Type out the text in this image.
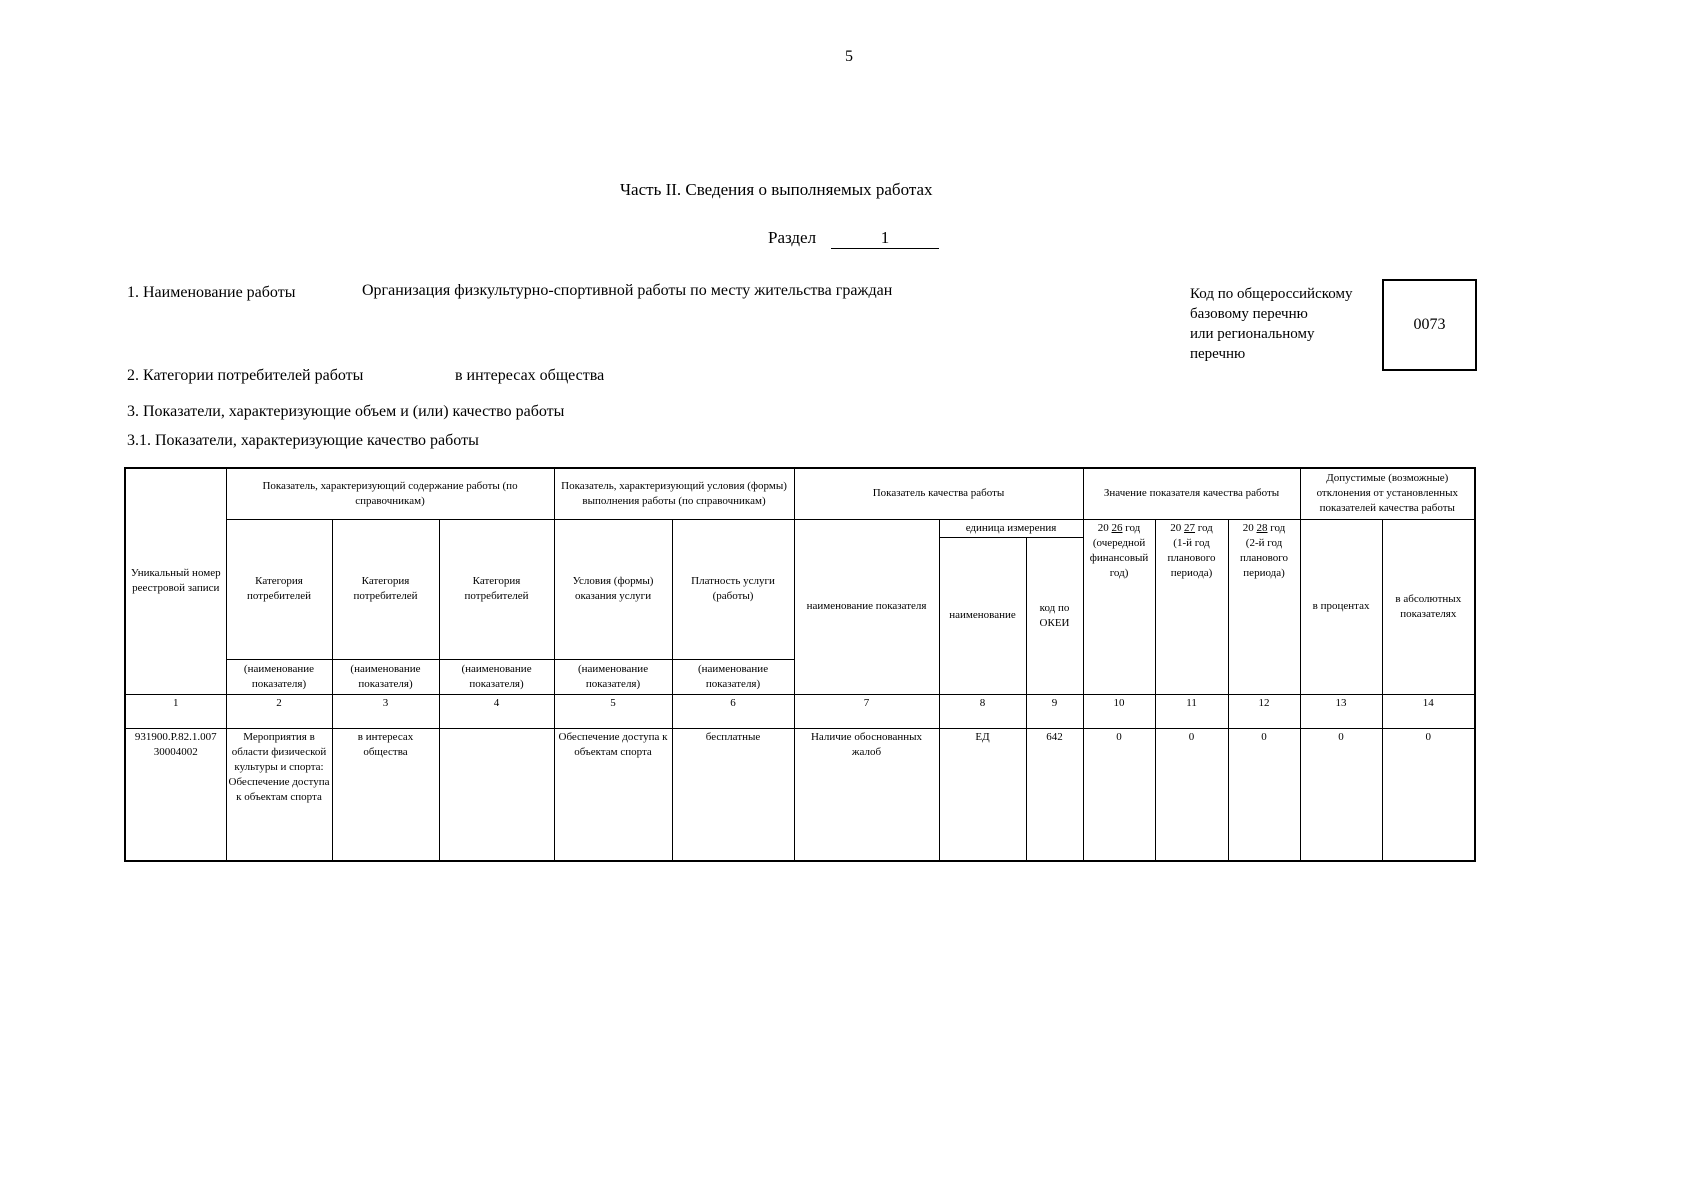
5
Часть II. Сведения о выполняемых работах
Раздел	1
1. Наименование работы	Организация физкультурно-спортивной работы по месту жительства граждан	Код по общероссийскому
базовому перечню
или региональному
перечню
0073
2. Категории потребителей работы	в интересах общества
3. Показатели, характеризующие объем и (или) качество работы
3.1. Показатели, характеризующие качество работы
Уникальный номер реестровой записи	Показатель, характеризующий содержание работы (по справочникам)			Показатель, характеризующий условия (формы) выполнения работы (по справочникам)		Показатель качества работы			Значение показателя качества работы			Допустимые (возможные) отклонения от установленных показателей качества работы	
	Категория потребителей	Категория потребителей	Категория потребителей	Условия (формы) оказания услуги	Платность услуги (работы)	наименование показателя	единица измерения		20 26 год
(очередной финансовый год)	20 27 год
(1-й год планового периода)	20 28 год
(2-й год планового периода)	в процентах	в абсолютных показателях
							наименование	код по ОКЕИ					
	(наименование показателя)	(наименование показателя)	(наименование показателя)	(наименование показателя)	(наименование показателя)								
1	2	3	4	5	6	7	8	9	10	11	12	13	14
931900.Р.82.1.007 30004002	Мероприятия в области физической культуры и спорта: Обеспечение доступа к объектам спорта	в интересах общества		Обеспечение доступа к объектам спорта	бесплатные	Наличие обоснованных жалоб	ЕД	642	0	0	0	0	0
